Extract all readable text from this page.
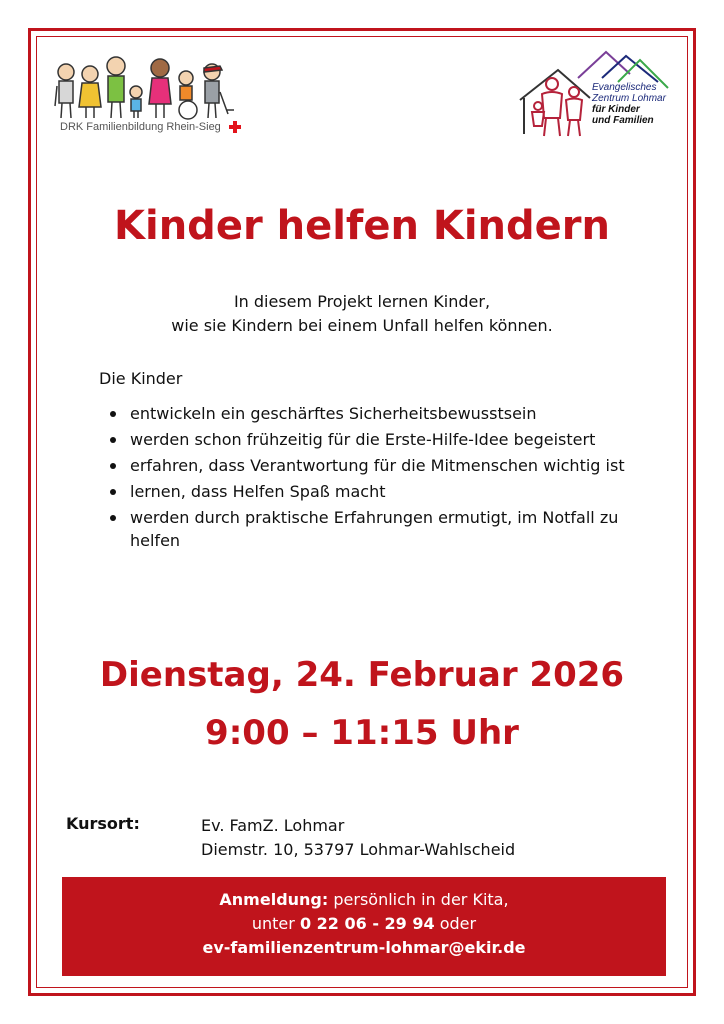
DRK Familienbildung Rhein-Sieg
Evangelisches
Zentrum Lohmar
für Kinder
und Familien
Kinder helfen Kindern
In diesem Projekt lernen Kinder,
wie sie Kindern bei einem Unfall helfen können.
Die Kinder
entwickeln ein geschärftes Sicherheitsbewusstsein
werden schon frühzeitig für die Erste-Hilfe-Idee begeistert
erfahren, dass Verantwortung für die Mitmenschen wichtig ist
lernen, dass Helfen Spaß macht
werden durch praktische Erfahrungen ermutigt, im Notfall zu helfen
Dienstag, 24. Februar 2026
9:00 – 11:15 Uhr
Kursort:	Ev. FamZ. Lohmar
Diemstr. 10, 53797 Lohmar-Wahlscheid
Anmeldung: persönlich in der Kita,
unter 0 22 06 - 29 94 oder
ev-familienzentrum-lohmar@ekir.de
